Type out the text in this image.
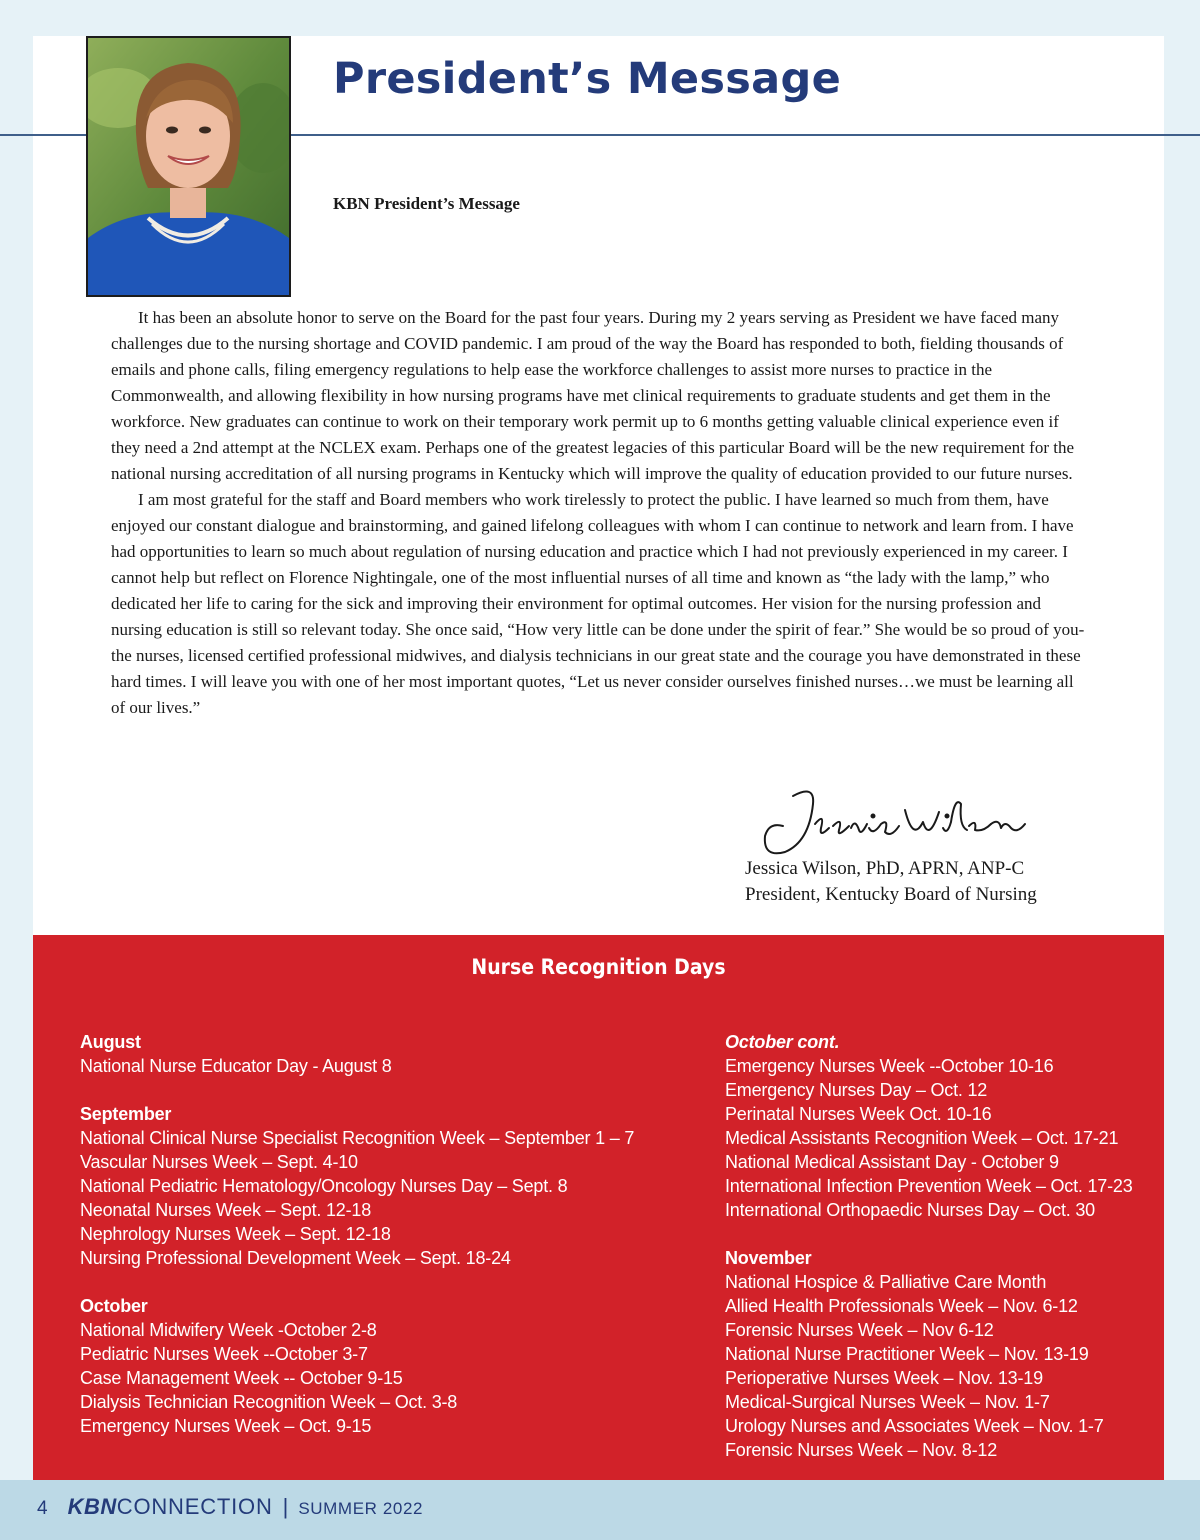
President’s Message
KBN President’s Message

It has been an absolute honor to serve on the Board for the past four years. During my 2 years serving as President we have faced many challenges due to the nursing shortage and COVID pandemic. I am proud of the way the Board has responded to both, fielding thousands of emails and phone calls, filing emergency regulations to help ease the workforce challenges to assist more nurses to practice in the Commonwealth, and allowing flexibility in how nursing programs have met clinical requirements to graduate students and get them in the workforce. New graduates can continue to work on their temporary work permit up to 6 months getting valuable clinical experience even if they need a 2nd attempt at the NCLEX exam. Perhaps one of the greatest legacies of this particular Board will be the new requirement for the national nursing accreditation of all nursing programs in Kentucky which will improve the quality of education provided to our future nurses.

I am most grateful for the staff and Board members who work tirelessly to protect the public. I have learned so much from them, have enjoyed our constant dialogue and brainstorming, and gained lifelong colleagues with whom I can continue to network and learn from. I have had opportunities to learn so much about regulation of nursing education and practice which I had not previously experienced in my career. I cannot help but reflect on Florence Nightingale, one of the most influential nurses of all time and known as “the lady with the lamp,” who dedicated her life to caring for the sick and improving their environment for optimal outcomes. Her vision for the nursing profession and nursing education is still so relevant today. She once said, “How very little can be done under the spirit of fear.” She would be so proud of you- the nurses, licensed certified professional midwives, and dialysis technicians in our great state and the courage you have demonstrated in these hard times. I will leave you with one of her most important quotes, “Let us never consider ourselves finished nurses…we must be learning all of our lives.”

Jessica Wilson, PhD, APRN, ANP-C
President, Kentucky Board of Nursing
Nurse Recognition Days
August
National Nurse Educator Day - August 8
September
National Clinical Nurse Specialist Recognition Week – September 1 – 7
Vascular Nurses Week – Sept. 4-10
National Pediatric Hematology/Oncology Nurses Day – Sept. 8
Neonatal Nurses Week – Sept. 12-18
Nephrology Nurses Week – Sept. 12-18
Nursing Professional Development Week – Sept. 18-24
October
National Midwifery Week -October 2-8
Pediatric Nurses Week --October 3-7
Case Management Week -- October 9-15
Dialysis Technician Recognition Week – Oct. 3-8
Emergency Nurses Week – Oct. 9-15
October cont.
Emergency Nurses Week --October 10-16
Emergency Nurses Day – Oct. 12
Perinatal Nurses Week Oct. 10-16
Medical Assistants Recognition Week – Oct. 17-21
National Medical Assistant Day - October 9
International Infection Prevention Week – Oct. 17-23
International Orthopaedic Nurses Day – Oct. 30
November
National Hospice & Palliative Care Month
Allied Health Professionals Week – Nov. 6-12
Forensic Nurses Week – Nov 6-12
National Nurse Practitioner Week – Nov. 13-19
Perioperative Nurses Week – Nov. 13-19
Medical-Surgical Nurses Week – Nov. 1-7
Urology Nurses and Associates Week – Nov. 1-7
Forensic Nurses Week – Nov. 8-12
4 KBNCONNECTION | SUMMER 2022
